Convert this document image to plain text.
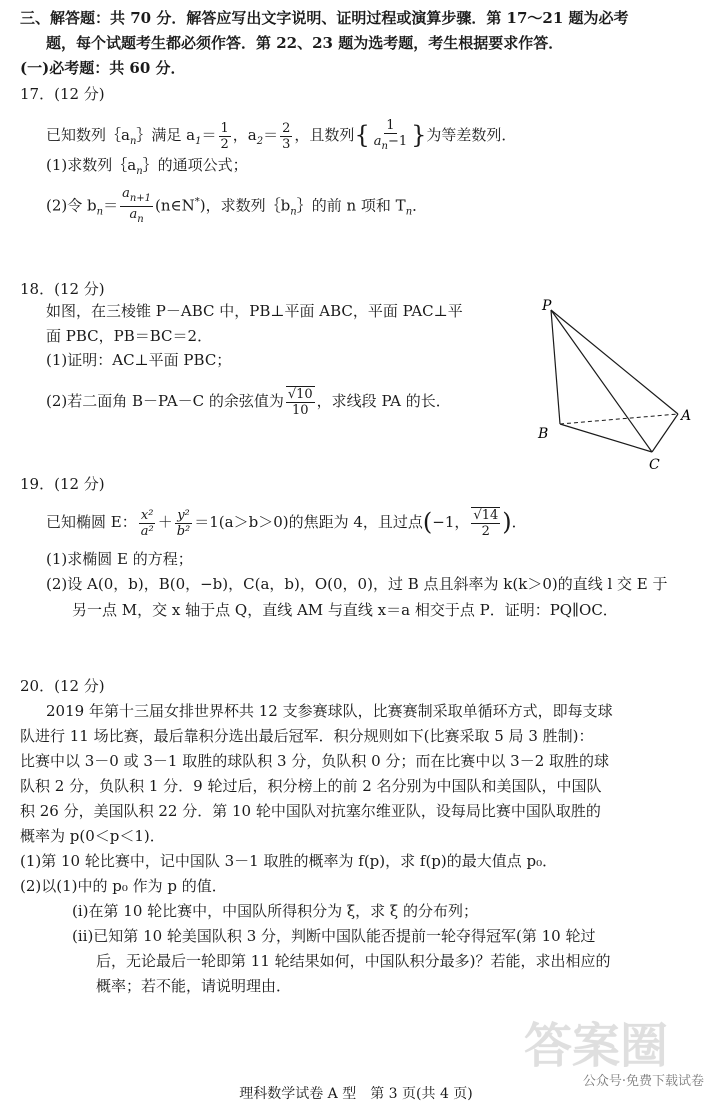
三、解答题：共 70 分．解答应写出文字说明、证明过程或演算步骤．第 17～21 题为必考
题，每个试题考生都必须作答．第 22、23 题为选考题，考生根据要求作答．
(一)必考题：共 60 分．
17．(12 分)
已知数列$\{a_n\}$满足 $a_1= \frac{1}{2}$ ，$a_2= \frac{2}{3}$ ，且数列{ $\frac{1}{a_n-1}$ }为等差数列．
(1)求数列$\{a_n\}$的通项公式；
(2)令 $b_n= \frac{a_{n+1}}{a_n}$ (n∈N*)，求数列$\{b_n\}$的前 n 项和 $T_n$．
18．(12 分)
如图，在三棱锥 P－ABC 中，PB⊥平面 ABC，平面 PAC⊥平
面 PBC，PB＝BC＝2．
(1)证明：AC⊥平面 PBC；
(2)若二面角 B－PA－C 的余弦值为 $\frac{√10}{10}$ ，求线段 PA 的长．
P
A
B
C
19．(12 分)
已知椭圆 E： $\frac{\text{x²}}{\text{a²}} + \frac{\text{y²}}{\text{b²}} =1(a>b>0)$的焦距为 4，且过点(−1， $\frac{√14}{2}$ )．
(1)求椭圆 E 的方程；
(2)设 A(0，b)，B(0，−b)，C(a，b)，O(0，0)，过 B 点且斜率为 k(k＞0)的直线 l 交 E 于
另一点 M，交 x 轴于点 Q，直线 AM 与直线 x＝a 相交于点 P．证明：PQ∥OC．
20．(12 分)
2019 年第十三届女排世界杯共 12 支参赛球队，比赛赛制采取单循环方式，即每支球
队进行 11 场比赛，最后靠积分选出最后冠军．积分规则如下(比赛采取 5 局 3 胜制)：
比赛中以 3－0 或 3－1 取胜的球队积 3 分，负队积 0 分；而在比赛中以 3－2 取胜的球
队积 2 分，负队积 1 分．9 轮过后，积分榜上的前 2 名分别为中国队和美国队，中国队
积 26 分，美国队积 22 分．第 10 轮中国队对抗塞尔维亚队，设每局比赛中国队取胜的
概率为 p(0＜p＜1)．
(1)第 10 轮比赛中，记中国队 3－1 取胜的概率为 f(p)，求 f(p)的最大值点 p₀．
(2)以(1)中的 p₀ 作为 p 的值．
(ⅰ)在第 10 轮比赛中，中国队所得积分为 ξ，求 ξ 的分布列；
(ⅱ)已知第 10 轮美国队积 3 分，判断中国队能否提前一轮夺得冠军(第 10 轮过
后，无论最后一轮即第 11 轮结果如何，中国队积分最多)？若能，求出相应的
概率；若不能，请说明理由．
答案圈
公众号·免费下载试卷
理科数学试卷 A 型　第 3 页(共 4 页)
